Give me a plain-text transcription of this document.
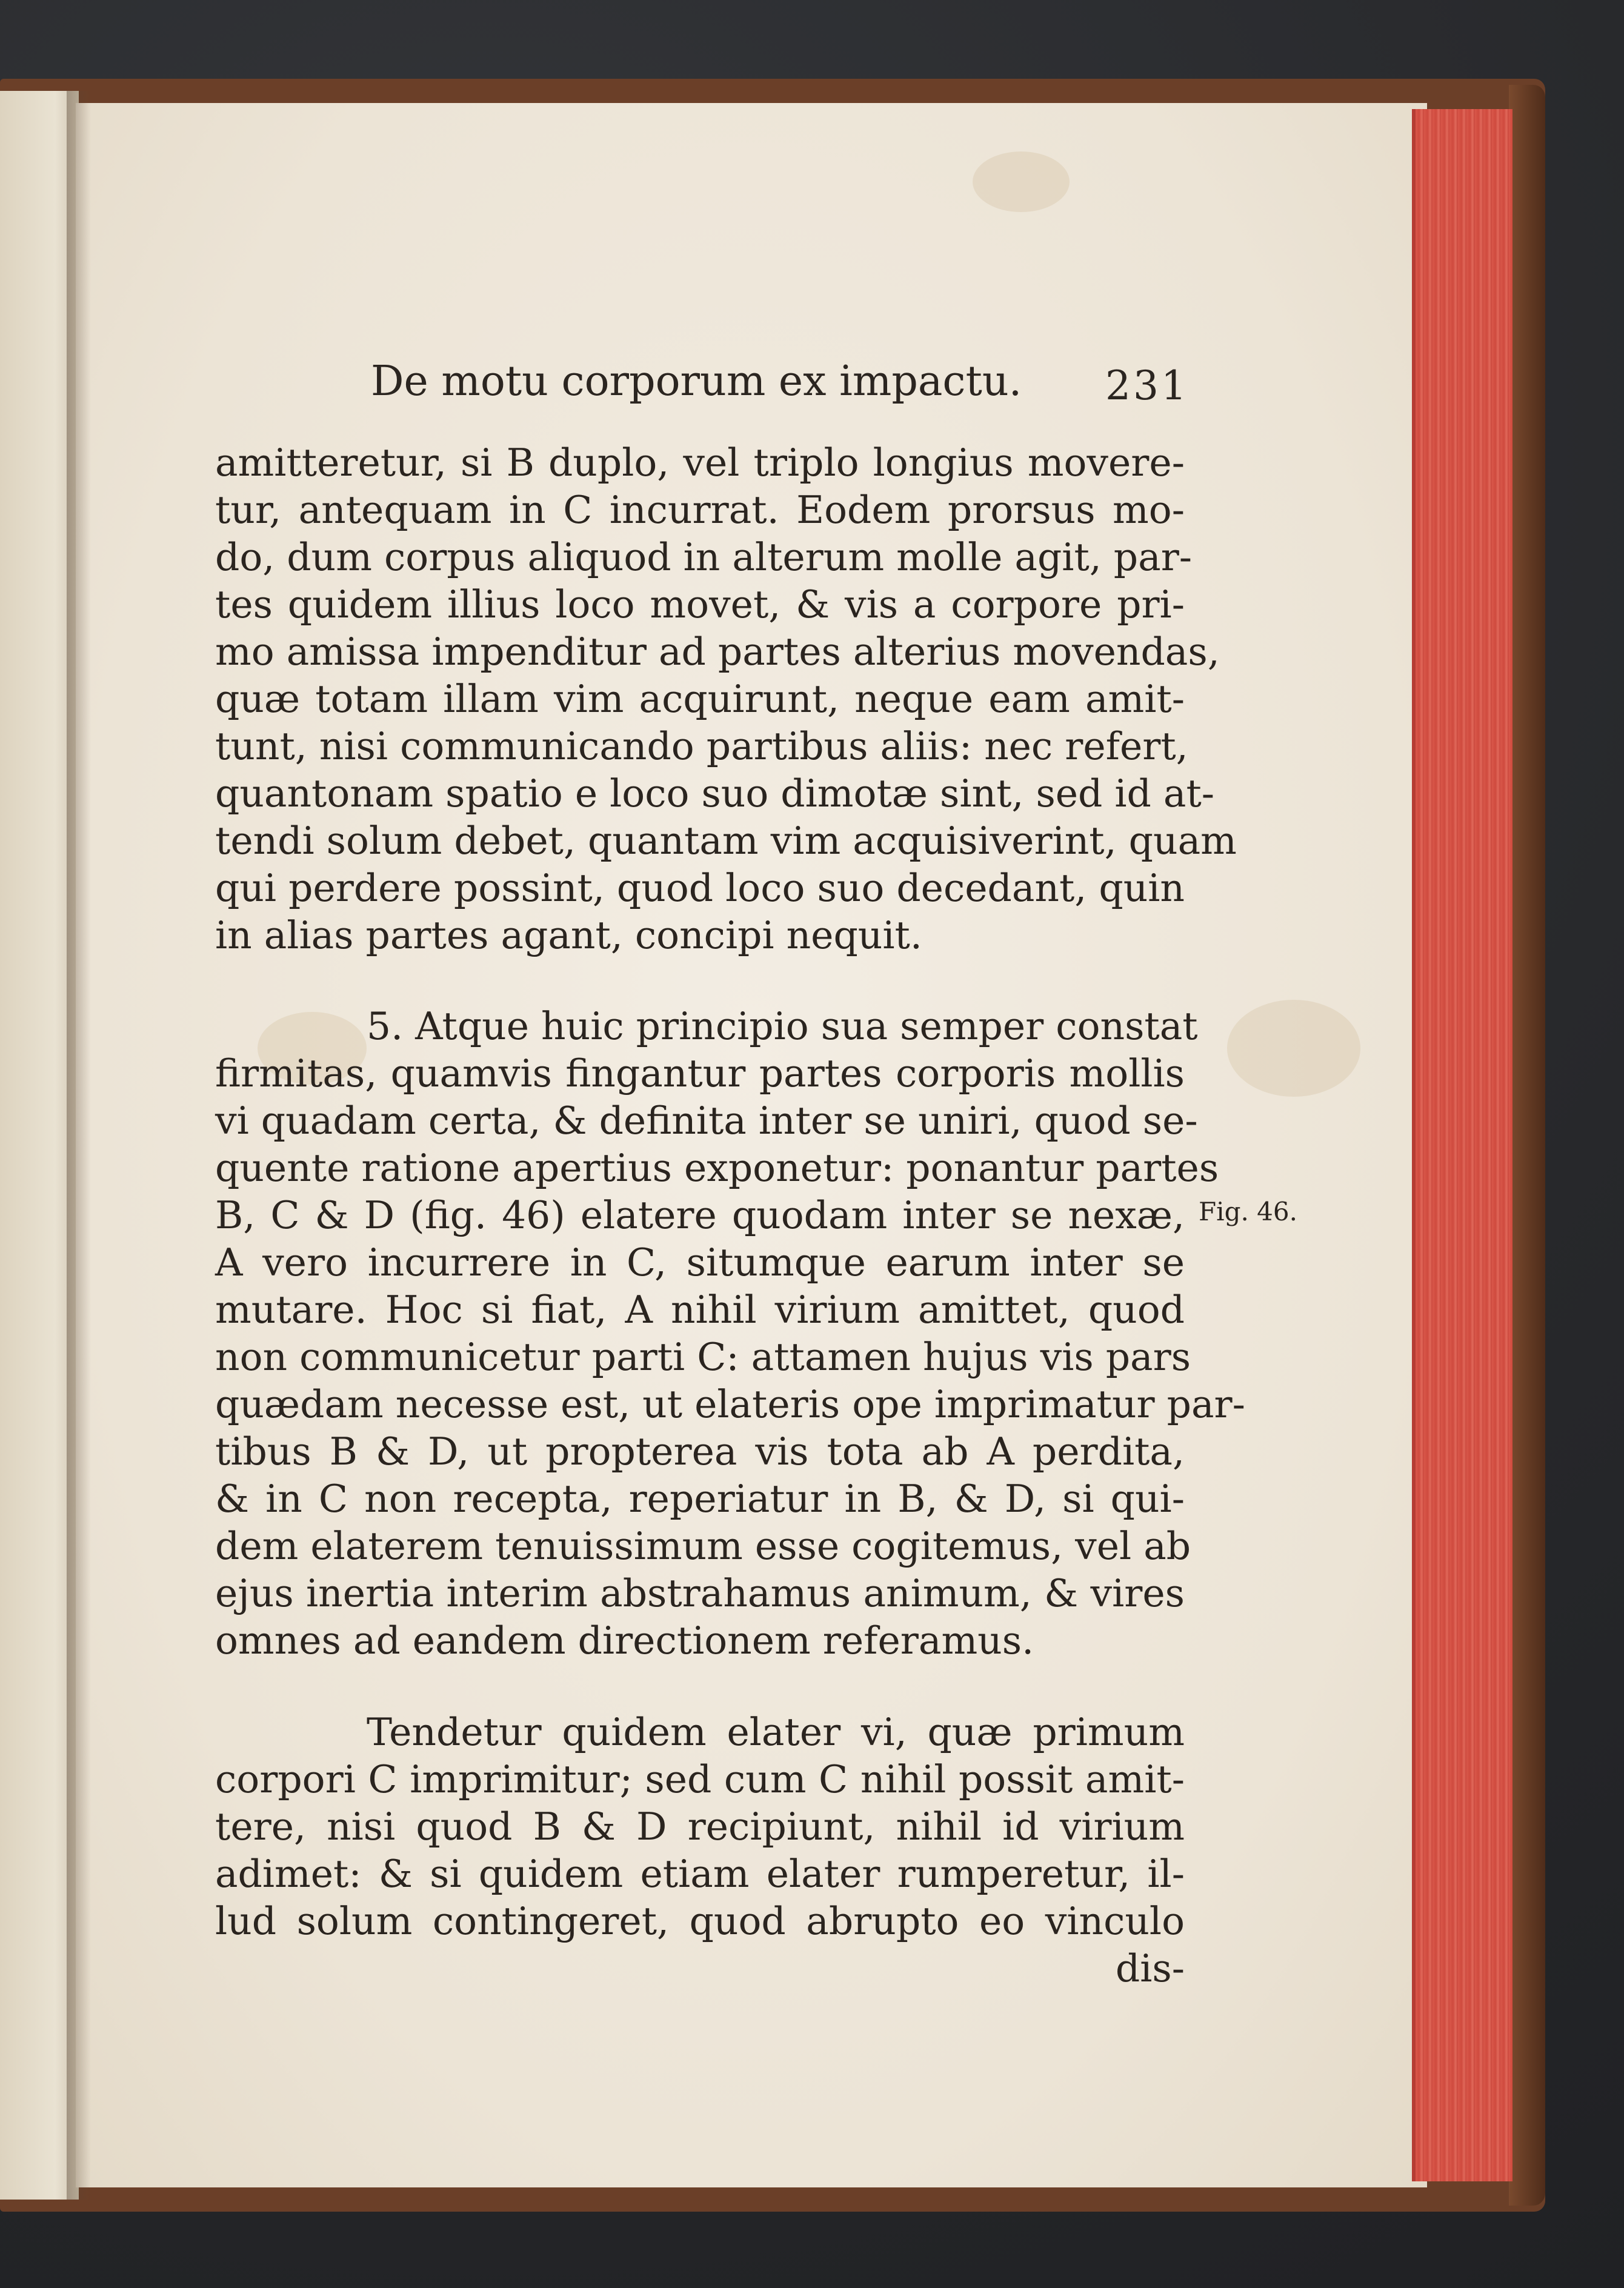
De motu corporum ex impactu. 231
amitteretur, si B duplo, vel triplo longius movere-
tur, antequam in C incurrat. Eodem prorsus mo-
do, dum corpus aliquod in alterum molle agit, par-
tes quidem illius loco movet, & vis a corpore pri-
mo amissa impenditur ad partes alterius movendas,
quæ totam illam vim acquirunt, neque eam amit-
tunt, nisi communicando partibus aliis: nec refert,
quantonam spatio e loco suo dimotæ sint, sed id at-
tendi solum debet, quantam vim acquisiverint, quam
qui perdere possint, quod loco suo decedant, quin
in alias partes agant, concipi nequit.
5. Atque huic principio sua semper constat
firmitas, quamvis fingantur partes corporis mollis
vi quadam certa, & definita inter se uniri, quod se-
quente ratione apertius exponetur: ponantur partes
B, C & D (fig. 46) elatere quodam inter se nexæ,
A vero incurrere in C, situmque earum inter se
mutare. Hoc si fiat, A nihil virium amittet, quod
non communicetur parti C: attamen hujus vis pars
quædam necesse est, ut elateris ope imprimatur par-
tibus B & D, ut propterea vis tota ab A perdita,
& in C non recepta, reperiatur in B, & D, si qui-
dem elaterem tenuissimum esse cogitemus, vel ab
ejus inertia interim abstrahamus animum, & vires
omnes ad eandem directionem referamus.
Tendetur quidem elater vi, quæ primum
corpori C imprimitur; sed cum C nihil possit amit-
tere, nisi quod B & D recipiunt, nihil id virium
adimet: & si quidem etiam elater rumperetur, il-
lud solum contingeret, quod abrupto eo vinculo
dis-
Fig. 46.
